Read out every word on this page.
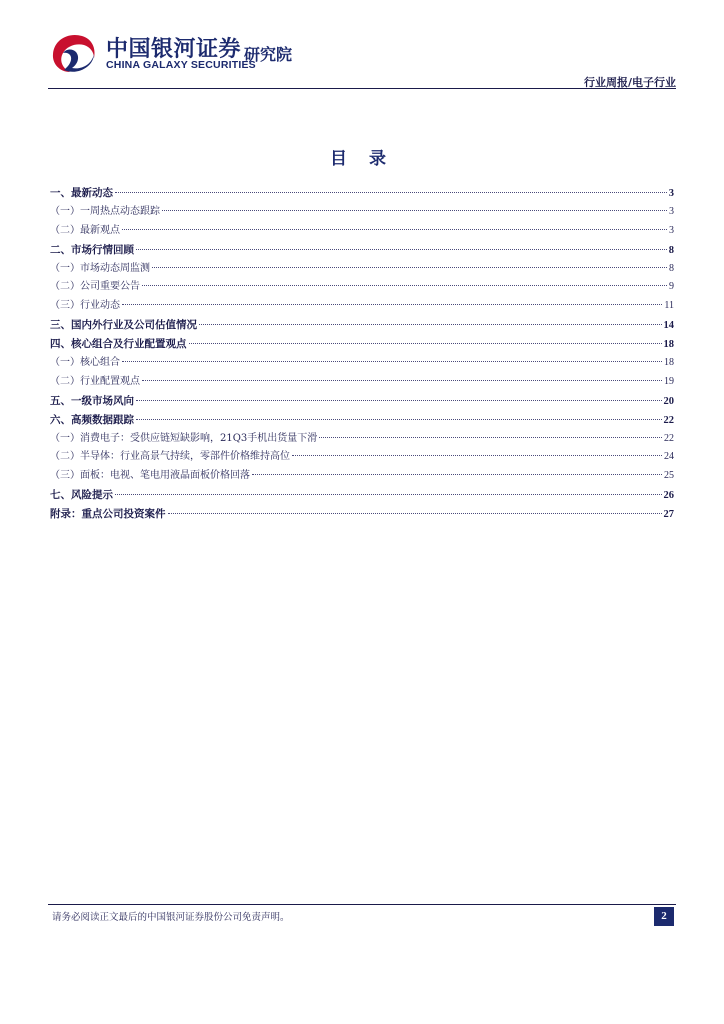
中国银河证券
CHINA GALAXY SECURITIES
研究院
行业周报/电子行业
目 录
一、最新动态	3
（一）一周热点动态跟踪	3
（二）最新观点	3
二、市场行情回顾	8
（一）市场动态周监测	8
（二）公司重要公告	9
（三）行业动态	11
三、国内外行业及公司估值情况	14
四、核心组合及行业配置观点	18
（一）核心组合	18
（二）行业配置观点	19
五、一级市场风向	20
六、高频数据跟踪	22
（一）消费电子：受供应链短缺影响，21Q3手机出货量下滑	22
（二）半导体：行业高景气持续，零部件价格维持高位	24
（三）面板：电视、笔电用液晶面板价格回落	25
七、风险提示	26
附录：重点公司投资案件	27
请务必阅读正文最后的中国银河证券股份公司免责声明。	2
